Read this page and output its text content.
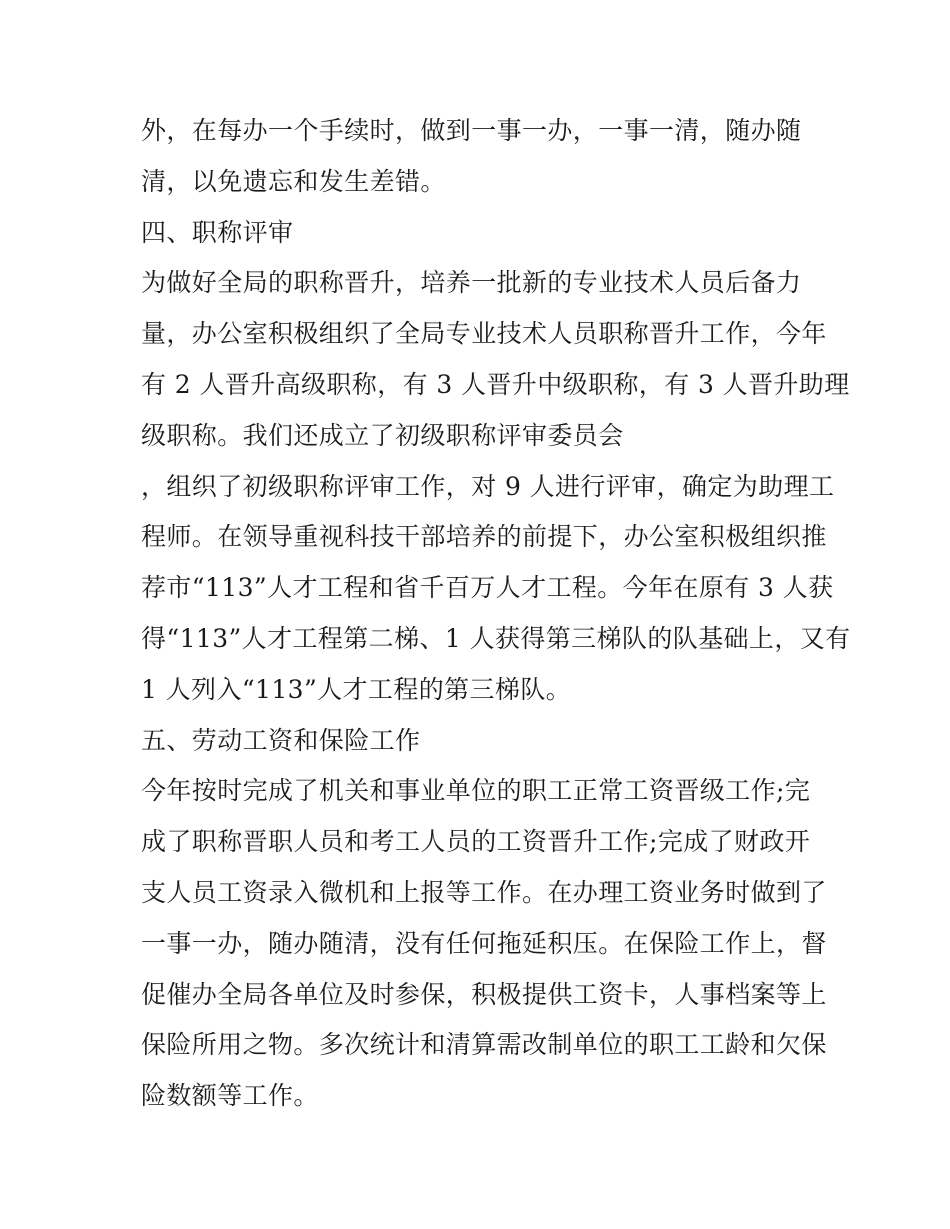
外，在每办一个手续时，做到一事一办，一事一清，随办随
清，以免遗忘和发生差错。
四、职称评审
为做好全局的职称晋升，培养一批新的专业技术人员后备力
量，办公室积极组织了全局专业技术人员职称晋升工作，今年
有 2 人晋升高级职称，有 3 人晋升中级职称，有 3 人晋升助理
级职称。我们还成立了初级职称评审委员会
，组织了初级职称评审工作，对 9 人进行评审，确定为助理工
程师。在领导重视科技干部培养的前提下，办公室积极组织推
荐市“113”人才工程和省千百万人才工程。今年在原有 3 人获
得“113”人才工程第二梯、1 人获得第三梯队的队基础上，又有
1 人列入“113”人才工程的第三梯队。
五、劳动工资和保险工作
今年按时完成了机关和事业单位的职工正常工资晋级工作;完
成了职称晋职人员和考工人员的工资晋升工作;完成了财政开
支人员工资录入微机和上报等工作。在办理工资业务时做到了
一事一办，随办随清，没有任何拖延积压。在保险工作上，督
促催办全局各单位及时参保，积极提供工资卡，人事档案等上
保险所用之物。多次统计和清算需改制单位的职工工龄和欠保
险数额等工作。
